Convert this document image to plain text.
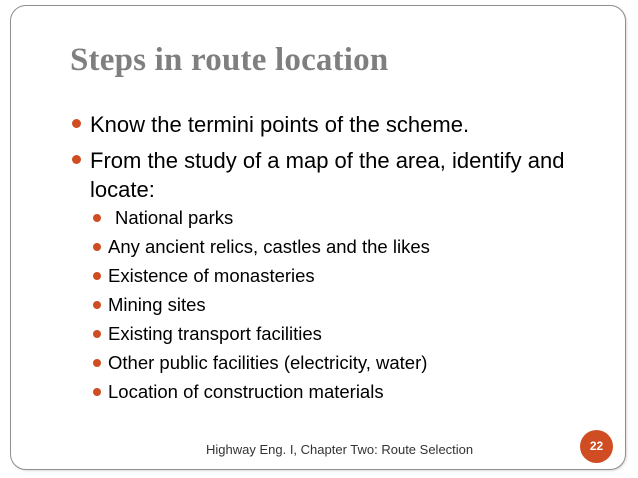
Steps in route location
Know the termini points of the scheme.
From the study of a map of the area, identify and locate:
National parks
Any ancient relics, castles and the likes
Existence of monasteries
Mining sites
Existing transport facilities
Other public facilities (electricity, water)
Location of construction materials
Highway Eng. I, Chapter Two: Route Selection	22
